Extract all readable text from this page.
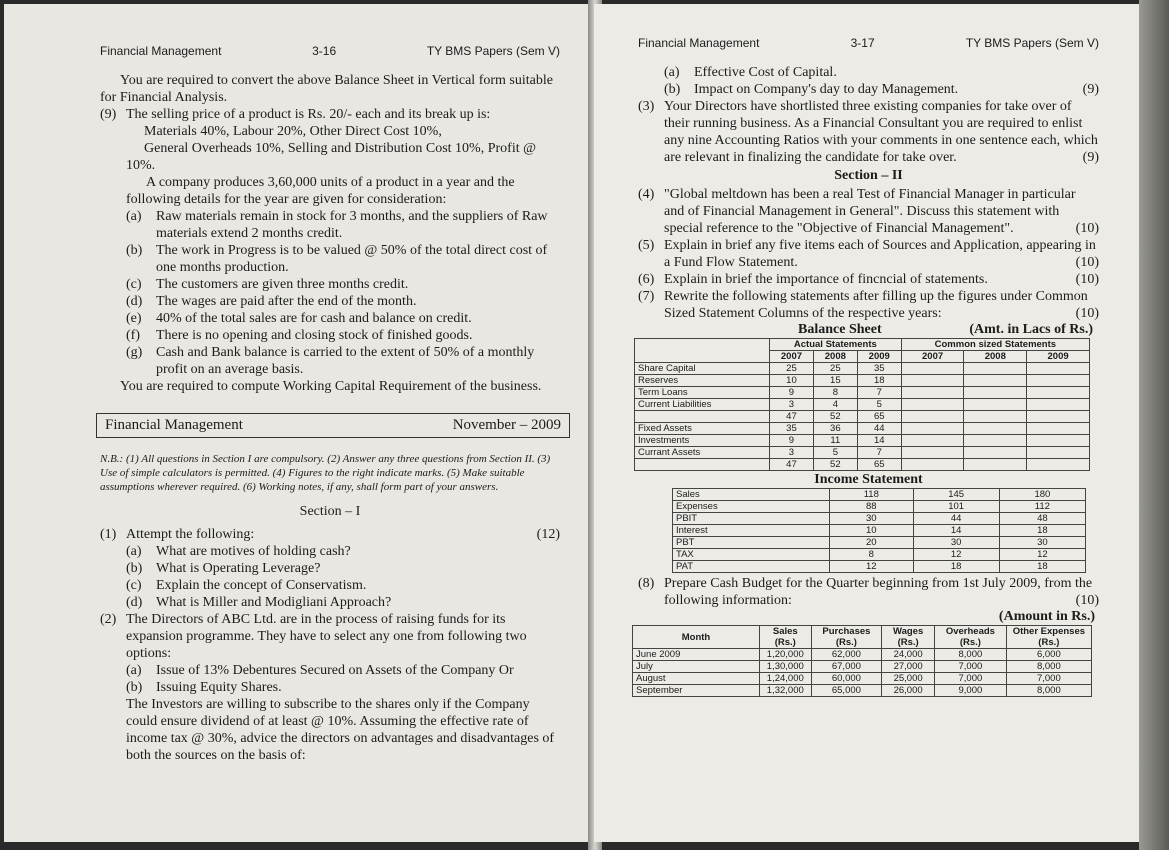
Financial Management	3-16	TY BMS Papers (Sem V)

You are required to convert the above Balance Sheet in Vertical form suitable for Financial Analysis.

(9) The selling price of a product is Rs. 20/- each and its break up is:
Materials 40%, Labour 20%, Other Direct Cost 10%,
General Overheads 10%, Selling and Distribution Cost 10%, Profit @ 10%.
A company produces 3,60,000 units of a product in a year and the following details for the year are given for consideration:
(a)	Raw materials remain in stock for 3 months, and the suppliers of Raw materials extend 2 months credit.
(b) The work in Progress is to be valued @ 50% of the total direct cost of one months production.
(c)	The customers are given three months credit.
(d) The wages are paid after the end of the month.
(e)	40% of the total sales are for cash and balance on credit.
(f)	There is no opening and closing stock of finished goods.
(g) Cash and Bank balance is carried to the extent of 50% of a monthly profit on an average basis.

You are required to compute Working Capital Requirement of the business.

Financial Management	November – 2009

N.B.: (1) All questions in Section I are compulsory. (2) Answer any three questions from Section II. (3) Use of simple calculators is permitted. (4) Figures to the right indicate marks. (5) Make suitable assumptions wherever required. (6) Working notes, if any, shall form part of your answers.

Section – I
(1) Attempt the following:	(12)
(a)	What are motives of holding cash?
(b) What is Operating Leverage?
(c)	Explain the concept of Conservatism.
(d) What is Miller and Modigliani Approach?
(2) The Directors of ABC Ltd. are in the process of raising funds for its expansion programme. They have to select any one from following two options:
(a)	Issue of 13% Debentures Secured on Assets of the Company Or
(b) Issuing Equity Shares.
The Investors are willing to subscribe to the shares only if the Company could ensure dividend of at least @ 10%. Assuming the effective rate of income tax @ 30%, advice the directors on advantages and disadvantages of both the sources on the basis of:
Financial Management	3-17	TY BMS Papers (Sem V)
(a)	Effective Cost of Capital.
(b) Impact on Company's day to day Management.	(9)
(3) Your Directors have shortlisted three existing companies for take over of their running business. As a Financial Consultant you are required to enlist any nine Accounting Ratios with your comments in one sentence each, which are relevant in finalizing the candidate for take over.	(9)
Section – II
(4) "Global meltdown has been a real Test of Financial Manager in particular and of Financial Management in General". Discuss this statement with special reference to the "Objective of Financial Management".	(10)
(5) Explain in brief any five items each of Sources and Application, appearing in a Fund Flow Statement.	(10)
(6) Explain in brief the importance of fincncial of statements.	(10)
(7) Rewrite the following statements after filling up the figures under Common Sized Statement Columns of the respective years:	(10)
Balance Sheet	(Amt. in Lacs of Rs.)
	Actual Statements			Common sized Statements		
	2007	2008	2009	2007	2008	2009
Share Capital	25	25	35			
Reserves	10	15	18			
Term Loans	9	8	7			
Current Liabilities	3	4	5			
	47	52	65			
Fixed Assets	35	36	44			
Investments	9	11	14			
Currant Assets	3	5	7			
	47	52	65			
Income Statement
Sales	118	145	180
Expenses	88	101	112
PBIT	30	44	48
Interest	10	14	18
PBT	20	30	30
TAX	8	12	12
PAT	12	18	18
(8) Prepare Cash Budget for the Quarter beginning from 1st July 2009, from the following information:	(10)
(Amount in Rs.)
Month	Sales (Rs.)	Purchases (Rs.)	Wages (Rs.)	Overheads (Rs.)	Other Expenses (Rs.)
June 2009	1,20,000	62,000	24,000	8,000	6,000
July	1,30,000	67,000	27,000	7,000	8,000
August	1,24,000	60,000	25,000	7,000	7,000
September	1,32,000	65,000	26,000	9,000	8,000
